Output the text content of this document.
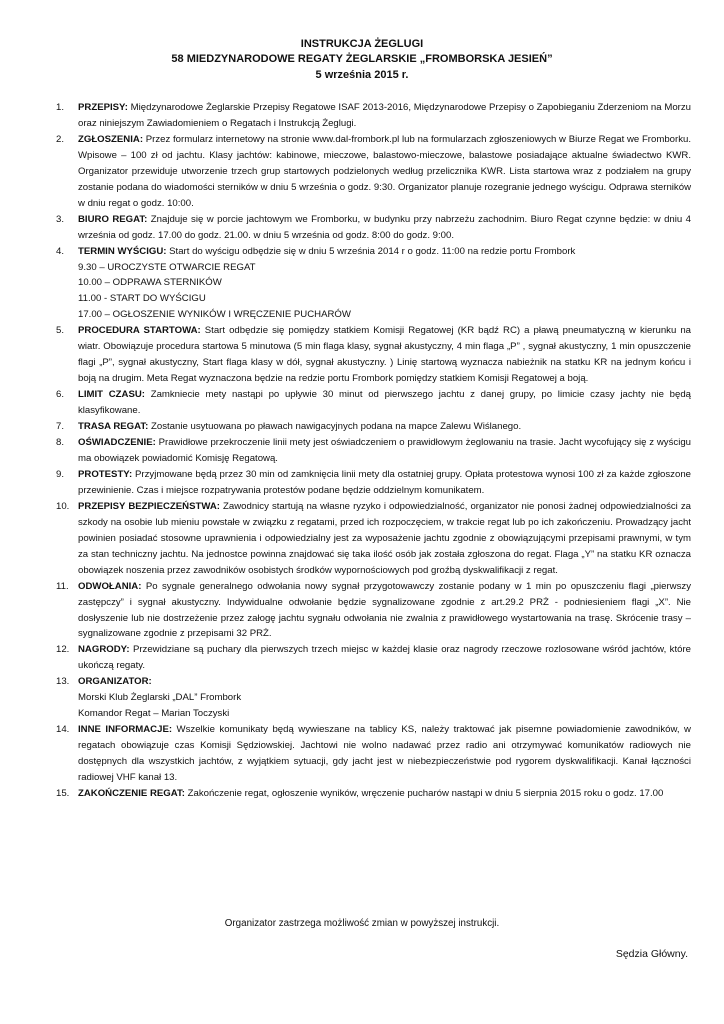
INSTRUKCJA ŻEGLUGI
58 MIEDZYNARODOWE REGATY ŻEGLARSKIE „FROMBORSKA JESIEŃ”
5 września 2015 r.
1. PRZEPISY: Międzynarodowe Żeglarskie Przepisy Regatowe ISAF 2013-2016, Międzynarodowe Przepisy o Zapobieganiu Zderzeniom na Morzu oraz niniejszym Zawiadomieniem o Regatach i Instrukcją Żeglugi.
2. ZGŁOSZENIA: Przez formularz internetowy na stronie www.dal-frombork.pl lub na formularzach zgłoszeniowych w Biurze Regat we Fromborku. Wpisowe – 100 zł od jachtu. Klasy jachtów: kabinowe, mieczowe, balastowo-mieczowe, balastowe posiadające aktualne świadectwo KWR. Organizator przewiduje utworzenie trzech grup startowych podzielonych według przelicznika KWR. Lista startowa wraz z podziałem na grupy zostanie podana do wiadomości sterników w dniu 5 września o godz. 9:30. Organizator planuje rozegranie jednego wyścigu. Odprawa sterników w dniu regat o godz. 10:00.
3. BIURO REGAT: Znajduje się w porcie jachtowym we Fromborku, w budynku przy nabrzeżu zachodnim. Biuro Regat czynne będzie: w dniu 4 września od godz. 17.00 do godz. 21.00. w dniu 5 września od godz. 8:00 do godz. 9:00.
4. TERMIN WYŚCIGU: Start do wyścigu odbędzie się w dniu 5 września 2014 r o godz. 11:00 na redzie portu Frombork
9.30 – UROCZYSTE OTWARCIE REGAT
10.00 – ODPRAWA STERNIKÓW
11.00 - START DO WYŚCIGU
17.00 – OGŁOSZENIE WYNIKÓW I WRĘCZENIE PUCHARÓW
5. PROCEDURA STARTOWA: Start odbędzie się pomiędzy statkiem Komisji Regatowej (KR bądź RC) a pławą pneumatyczną w kierunku na wiatr. Obowiązuje procedura startowa 5 minutowa (5 min flaga klasy, sygnał akustyczny, 4 min flaga „P” , sygnał akustyczny, 1 min opuszczenie flagi „P”, sygnał akustyczny, Start flaga klasy w dół, sygnał akustyczny. ) Linię startową wyznacza nabieżnik na statku KR na jednym końcu i boją na drugim. Meta Regat wyznaczona będzie na redzie portu Frombork pomiędzy statkiem Komisji Regatowej a boją.
6. LIMIT CZASU: Zamkniecie mety nastąpi po upływie 30 minut od pierwszego jachtu z danej grupy, po limicie czasy jachty nie będą klasyfikowane.
7. TRASA REGAT: Zostanie usytuowana po pławach nawigacyjnych podana na mapce Zalewu Wiślanego.
8. OŚWIADCZENIE: Prawidłowe przekroczenie linii mety jest oświadczeniem o prawidłowym żeglowaniu na trasie. Jacht wycofujący się z wyścigu ma obowiązek powiadomić Komisję Regatową.
9. PROTESTY: Przyjmowane będą przez 30 min od zamknięcia linii mety dla ostatniej grupy. Opłata protestowa wynosi 100 zł za każde zgłoszone przewinienie. Czas i miejsce rozpatrywania protestów podane będzie oddzielnym komunikatem.
10. PRZEPISY BEZPIECZEŃSTWA: Zawodnicy startują na własne ryzyko i odpowiedzialność, organizator nie ponosi żadnej odpowiedzialności za szkody na osobie lub mieniu powstałe w związku z regatami, przed ich rozpoczęciem, w trakcie regat lub po ich zakończeniu. Prowadzący jacht powinien posiadać stosowne uprawnienia i odpowiedzialny jest za wyposażenie jachtu zgodnie z obowiązującymi przepisami prawnymi, w tym za stan techniczny jachtu. Na jednostce powinna znajdować się taka ilość osób jak została zgłoszona do regat. Flaga „Y” na statku KR oznacza obowiązek noszenia przez zawodników osobistych środków wypornościowych pod groźbą dyskwalifikacji z regat.
11. ODWOŁANIA: Po sygnale generalnego odwołania nowy sygnał przygotowawczy zostanie podany w 1 min po opuszczeniu flagi „pierwszy zastępczy” i sygnał akustyczny. Indywidualne odwołanie będzie sygnalizowane zgodnie z art.29.2 PRŻ - podniesieniem flagi „X”. Nie dosłyszenie lub nie dostrzeżenie przez załogę jachtu sygnału odwołania nie zwalnia z prawidłowego wystartowania na trasę. Skrócenie trasy – sygnalizowane zgodnie z przepisami 32 PRŻ.
12. NAGRODY: Przewidziane są puchary dla pierwszych trzech miejsc w każdej klasie oraz nagrody rzeczowe rozlosowane wśród jachtów, które ukończą regaty.
13. ORGANIZATOR:
Morski Klub Żeglarski „DAL” Frombork
Komandor Regat – Marian Toczyski
14. INNE INFORMACJE: Wszelkie komunikaty będą wywieszane na tablicy KS, należy traktować jak pisemne powiadomienie zawodników, w regatach obowiązuje czas Komisji Sędziowskiej. Jachtowi nie wolno nadawać przez radio ani otrzymywać komunikatów radiowych nie dostępnych dla wszystkich jachtów, z wyjątkiem sytuacji, gdy jacht jest w niebezpieczeństwie pod rygorem dyskwalifikacji. Kanał łączności radiowej VHF kanał 13.
15. ZAKOŃCZENIE REGAT: Zakończenie regat, ogłoszenie wyników, wręczenie pucharów nastąpi w dniu 5 sierpnia 2015 roku o godz. 17.00
Organizator zastrzega możliwość zmian w powyższej instrukcji.
Sędzia Główny.
